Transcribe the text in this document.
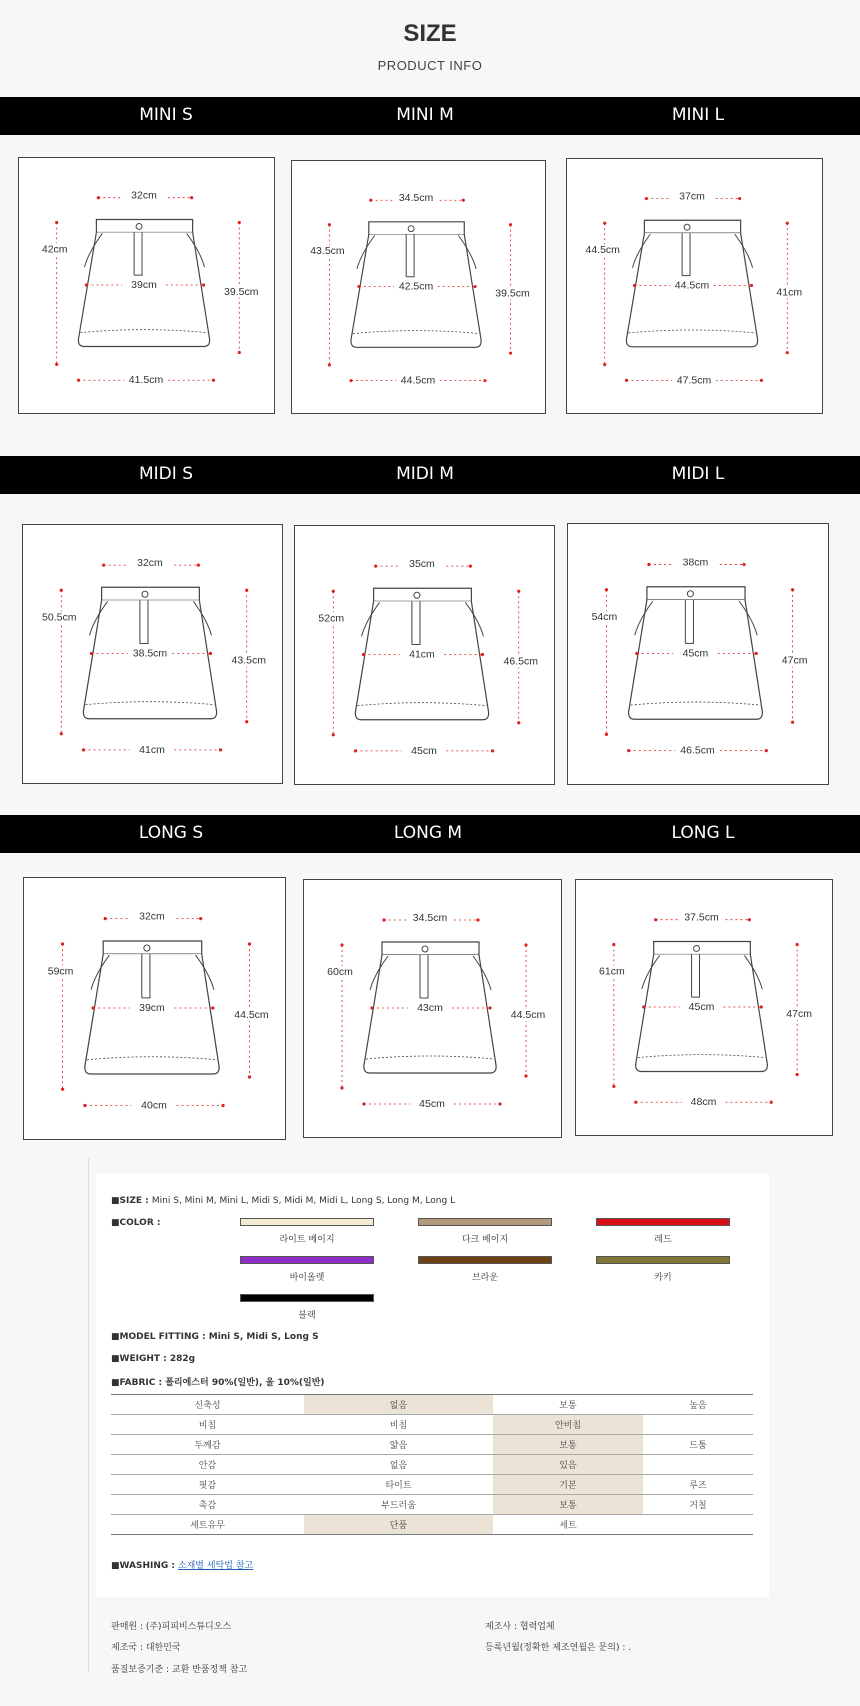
SIZE
PRODUCT INFO
MINI S	MINI M	MINI L
MIDI S	MIDI M	MIDI L
LONG S	LONG M	LONG L
32cm
39cm
42cm
39.5cm
41.5cm
34.5cm
42.5cm
43.5cm
39.5cm
44.5cm
37cm
44.5cm
44.5cm
41cm
47.5cm
32cm
38.5cm
50.5cm
43.5cm
41cm
35cm
41cm
52cm
46.5cm
45cm
38cm
45cm
54cm
47cm
46.5cm
32cm
39cm
59cm
44.5cm
40cm
34.5cm
43cm
60cm
44.5cm
45cm
37.5cm
45cm
61cm
47cm
48cm
■SIZE : Mini S, Mini M, Mini L, Midi S, Midi M, Midi L, Long S, Long M, Long L
■COLOR :
라이트 베이지	다크 베이지	레드
바이올렛	브라운	카키
블랙
■MODEL FITTING : Mini S, Midi S, Long S
■WEIGHT : 282g
■FABRIC : 폴리에스터 90%(일반), 울 10%(일반)
신축성	없음	보통	높음
비침	비침	안비침	
두께감	얇음	보통	드툼
안감	없음	있음	
핏감	타이트	기본	루즈
촉감	부드러움	보통	거칠
세트유무	단품	세트	
■WASHING : 소재별 세탁법 참고
판매원 : (주)피피비스튜디오스	제조사 : 협력업체
제조국 : 대한민국	등록년월(정확한 제조연월은 문의) : .
품질보증기준 : 교환 반품정책 참고
